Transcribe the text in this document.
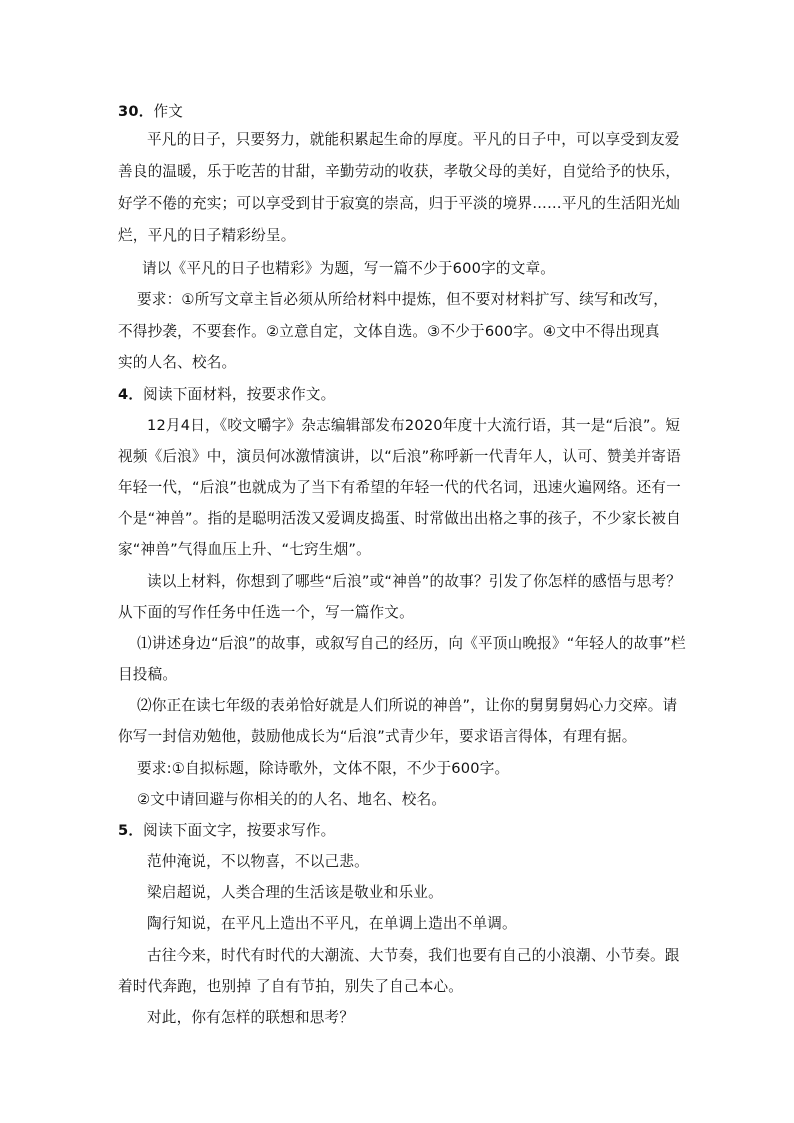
30．作文
平凡的日子，只要努力，就能积累起生命的厚度。平凡的日子中，可以享受到友爱
善良的温暖，乐于吃苦的甘甜，辛勤劳动的收获，孝敬父母的美好，自觉给予的快乐，
好学不倦的充实；可以享受到甘于寂寞的崇高，归于平淡的境界……平凡的生活阳光灿
烂，平凡的日子精彩纷呈。
请以《平凡的日子也精彩》为题，写一篇不少于600字的文章。
要求：①所写文章主旨必须从所给材料中提炼，但不要对材料扩写、续写和改写，
不得抄袭，不要套作。②立意自定，文体自选。③不少于600字。④文中不得出现真
实的人名、校名。
4．阅读下面材料，按要求作文。
12月4日，《咬文嚼字》杂志编辑部发布2020年度十大流行语，其一是“后浪”。短
视频《后浪》中，演员何冰激情演讲，以“后浪”称呼新一代青年人，认可、赞美并寄语
年轻一代，“后浪”也就成为了当下有希望的年轻一代的代名词，迅速火遍网络。还有一
个是“神兽”。指的是聪明活泼又爱调皮捣蛋、时常做出出格之事的孩子，不少家长被自
家“神兽”气得血压上升、“七窍生烟”。
读以上材料，你想到了哪些“后浪”或“神兽”的故事？引发了你怎样的感悟与思考？
从下面的写作任务中任选一个，写一篇作文。
⑴讲述身边“后浪”的故事，或叙写自己的经历，向《平顶山晚报》“年轻人的故事”栏
目投稿。
⑵你正在读七年级的表弟恰好就是人们所说的神兽”，让你的舅舅舅妈心力交瘁。请
你写一封信劝勉他，鼓励他成长为“后浪”式青少年，要求语言得体，有理有据。
要求:①自拟标题，除诗歌外，文体不限，不少于600字。
②文中请回避与你相关的的人名、地名、校名。
5．阅读下面文字，按要求写作。
范仲淹说，不以物喜，不以己悲。
梁启超说，人类合理的生活该是敬业和乐业。
陶行知说，在平凡上造出不平凡，在单调上造出不单调。
古往今来，时代有时代的大潮流、大节奏，我们也要有自己的小浪潮、小节奏。跟
着时代奔跑，也别掉 了自有节拍，别失了自己本心。
对此，你有怎样的联想和思考？
